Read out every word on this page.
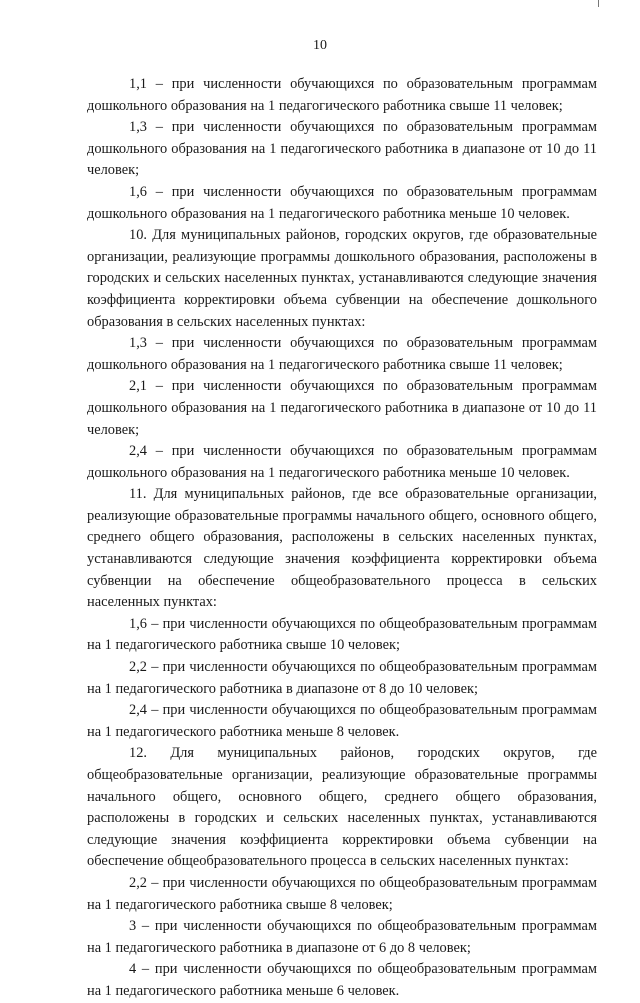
10

1,1 – при численности обучающихся по образовательным программам дошкольного образования на 1 педагогического работника свыше 11 человек;

1,3 – при численности обучающихся по образовательным программам дошкольного образования на 1 педагогического работника в диапазоне от 10 до 11 человек;

1,6 – при численности обучающихся по образовательным программам дошкольного образования на 1 педагогического работника меньше 10 человек.

10. Для муниципальных районов, городских округов, где образовательные организации, реализующие программы дошкольного образования, расположены в городских и сельских населенных пунктах, устанавливаются следующие значения коэффициента корректировки объема субвенции на обеспечение дошкольного образования в сельских населенных пунктах:

1,3 – при численности обучающихся по образовательным программам дошкольного образования на 1 педагогического работника свыше 11 человек;

2,1 – при численности обучающихся по образовательным программам дошкольного образования на 1 педагогического работника в диапазоне от 10 до 11 человек;

2,4 – при численности обучающихся по образовательным программам дошкольного образования на 1 педагогического работника меньше 10 человек.

11. Для муниципальных районов, где все образовательные организации, реализующие образовательные программы начального общего, основного общего, среднего общего образования, расположены в сельских населенных пунктах, устанавливаются следующие значения коэффициента корректировки объема субвенции на обеспечение общеобразовательного процесса в сельских населенных пунктах:

1,6 – при численности обучающихся по общеобразовательным программам на 1 педагогического работника свыше 10 человек;

2,2 – при численности обучающихся по общеобразовательным программам на 1 педагогического работника в диапазоне от 8 до 10 человек;

2,4 – при численности обучающихся по общеобразовательным программам на 1 педагогического работника меньше 8 человек.

12. Для муниципальных районов, городских округов, где общеобразовательные организации, реализующие образовательные программы начального общего, основного общего, среднего общего образования, расположены в городских и сельских населенных пунктах, устанавливаются следующие значения коэффициента корректировки объема субвенции на обеспечение общеобразовательного процесса в сельских населенных пунктах:

2,2 – при численности обучающихся по общеобразовательным программам на 1 педагогического работника свыше 8 человек;

3 – при численности обучающихся по общеобразовательным программам на 1 педагогического работника в диапазоне от 6 до 8 человек;

4 – при численности обучающихся по общеобразовательным программам на 1 педагогического работника меньше 6 человек.
